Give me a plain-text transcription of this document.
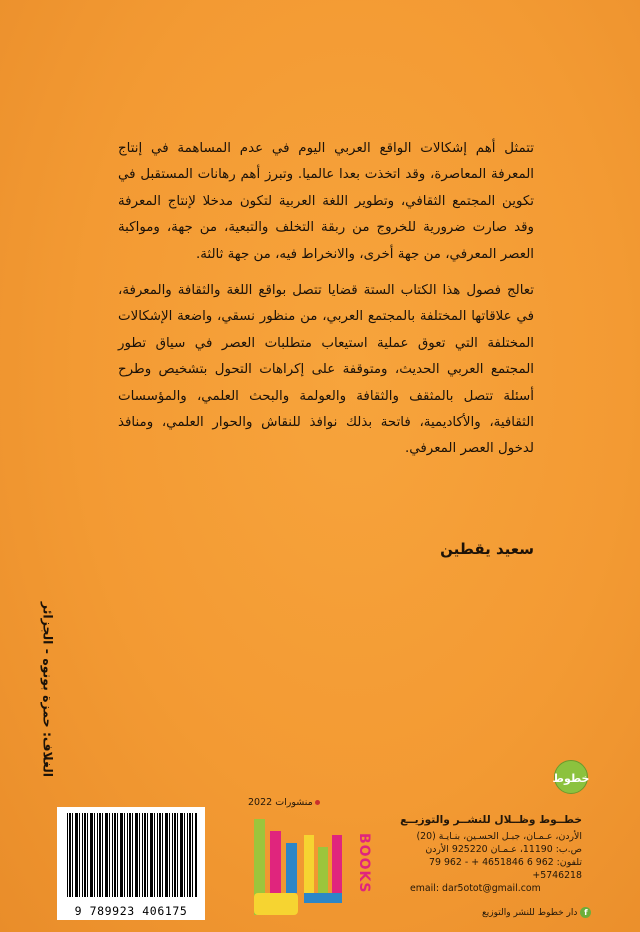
تتمثل أهم إشكالات الواقع العربي اليوم في عدم المساهمة في إنتاج المعرفة المعاصرة، وقد اتخذت بعدا عالميا. وتبرز أهم رهانات المستقبل في تكوين المجتمع الثقافي، وتطوير اللغة العربية لتكون مدخلا لإنتاج المعرفة وقد صارت ضرورية للخروج من ربقة التخلف والتبعية، من جهة، ومواكبة العصر المعرفي، من جهة أخرى، والانخراط فيه، من جهة ثالثة.

تعالج فصول هذا الكتاب الستة قضايا تتصل بواقع اللغة والثقافة والمعرفة، في علاقاتها المختلفة بالمجتمع العربي، من منظور نسقي، واضعة الإشكالات المختلفة التي تعوق عملية استيعاب متطلبات العصر في سياق تطور المجتمع العربي الحديث، ومتوقفة على إكراهات التحول بتشخيص وطرح أسئلة تتصل بالمثقف والثقافة والعولمة والبحث العلمي، والمؤسسات الثقافية، والأكاديمية، فاتحة بذلك نوافذ للنقاش والحوار العلمي، ومنافذ لدخول العصر المعرفي.

سعيد يقطين
الغلاف: حمزة بونوه - الجزائر
خطوط
منشورات 2022
9 789923 406175
BOOKS
خطــوط وظــلال للنشــر والتوزيــع
الأردن، عـمـان، جبـل الحسـين، بنـايـة (20)
ص.ب: 11190، عـمـان 925220 الأردن
تلفون: 962 6 4651846 + - 962 79 5746218+
email: dar5otot@gmail.com
f
دار خطوط للنشر والتوزيع
